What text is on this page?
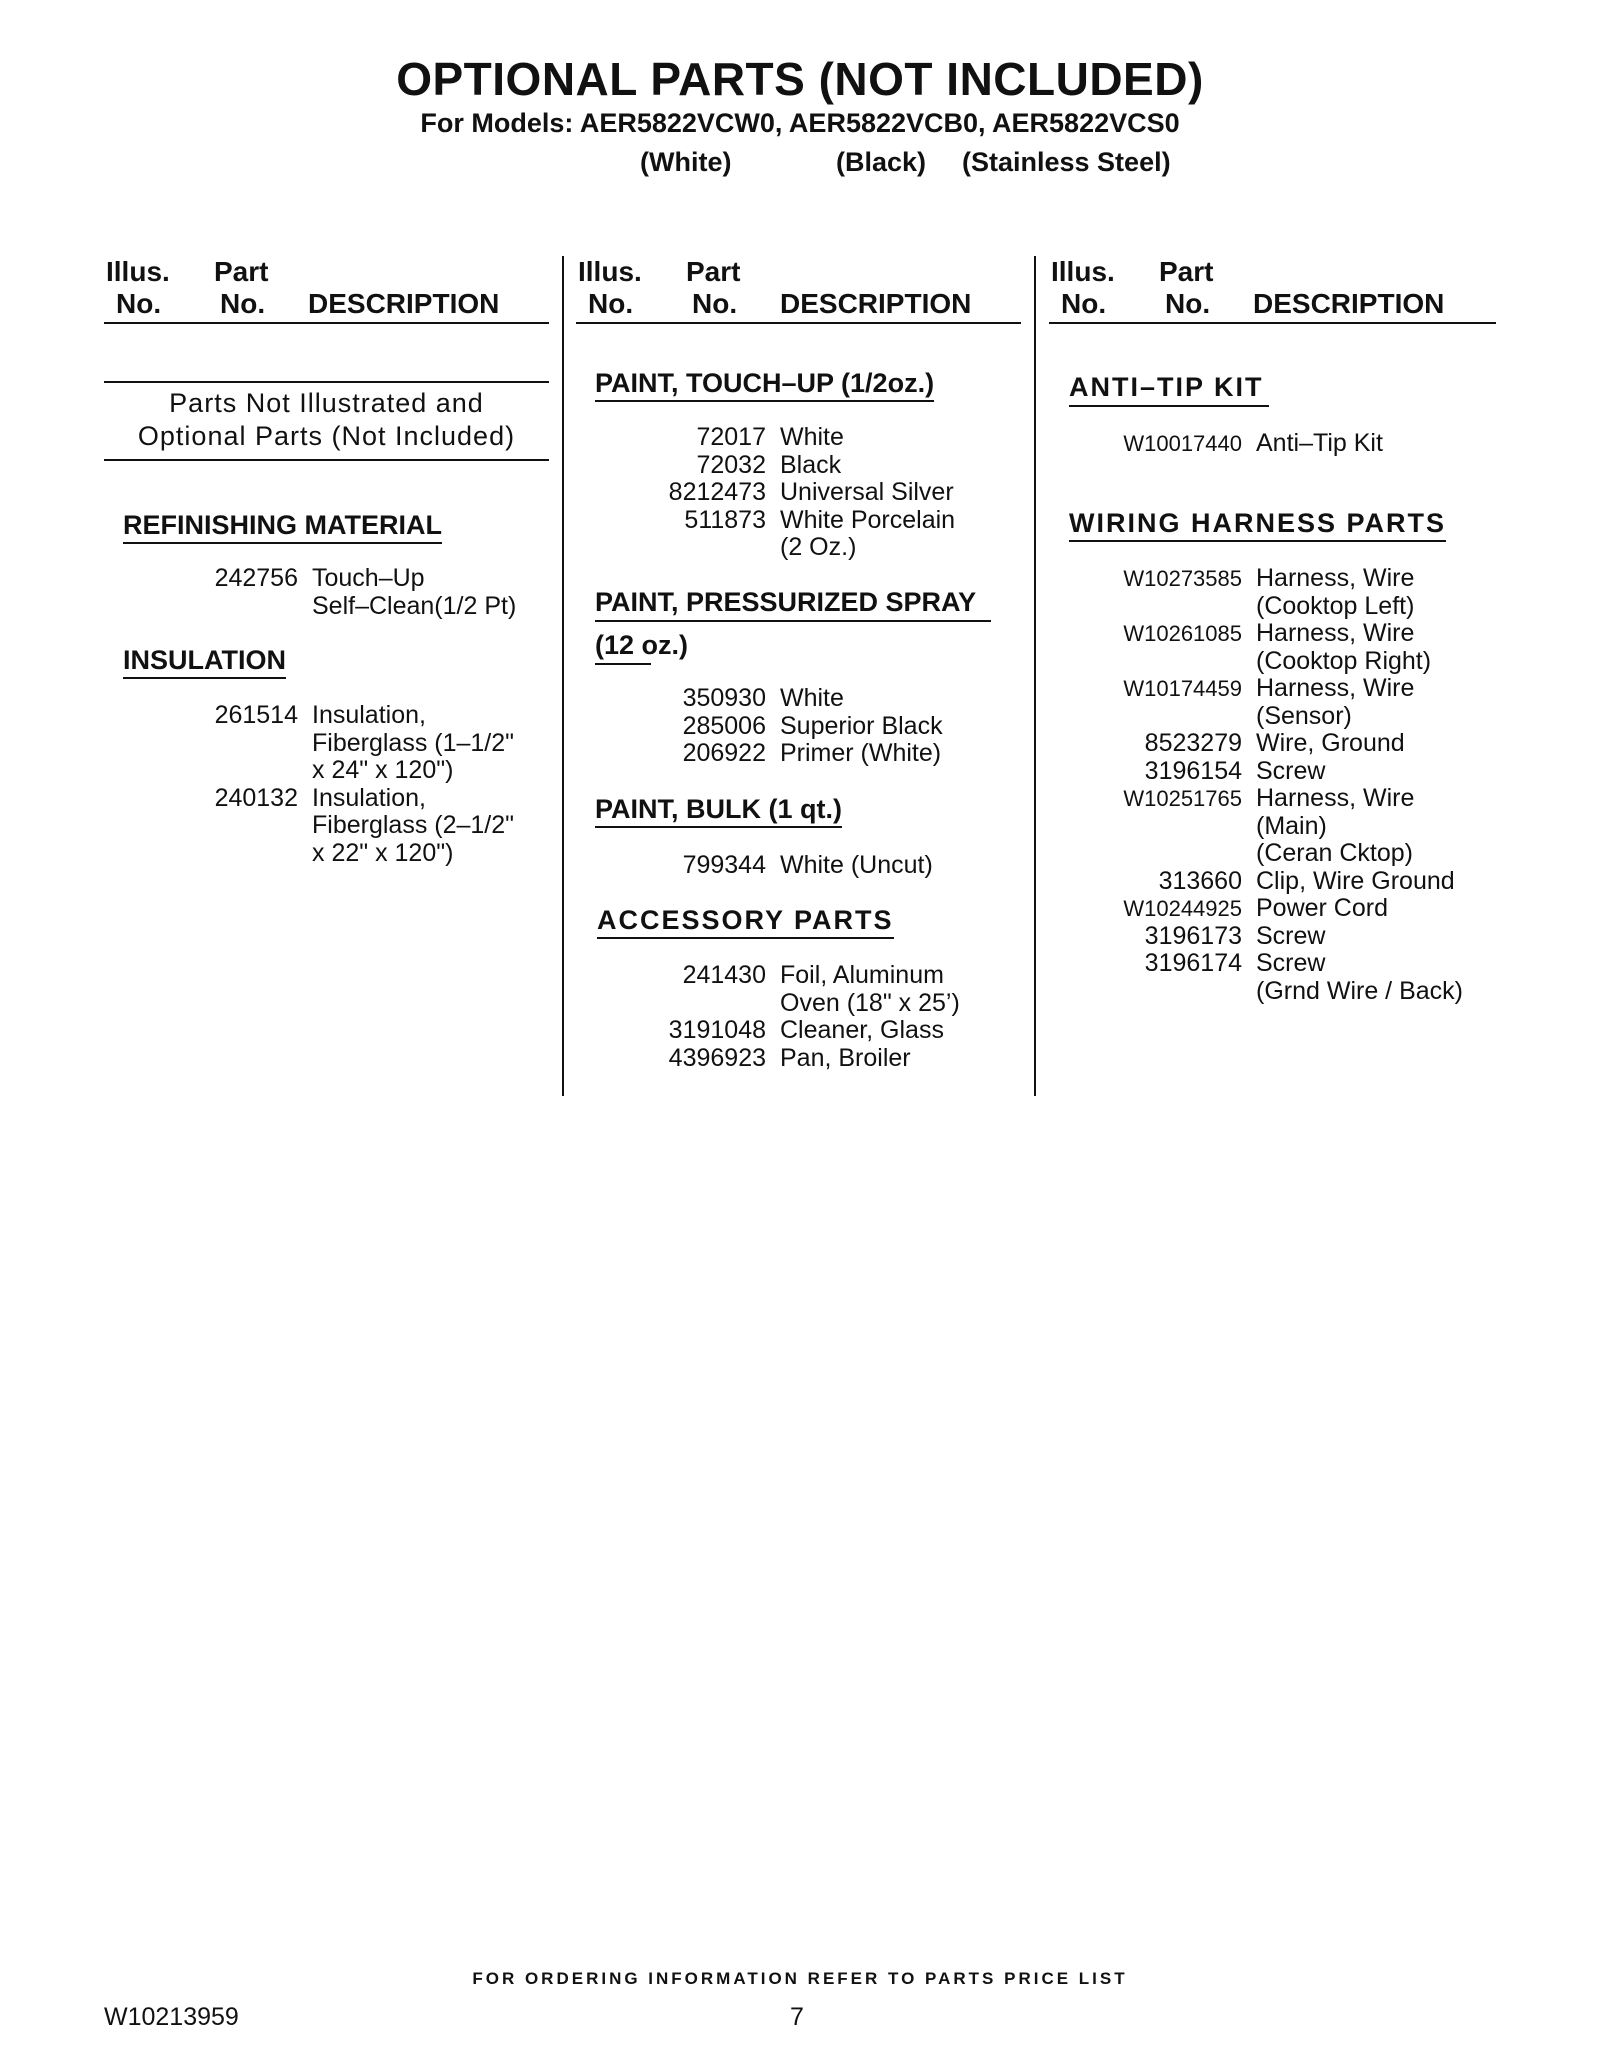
OPTIONAL PARTS (NOT INCLUDED)
For Models: AER5822VCW0, AER5822VCB0, AER5822VCS0
(White)	(Black) (Stainless Steel)
Illus.
No.
Part
No. DESCRIPTION
Illus.
No.
Part
No. DESCRIPTION
Illus.
No.
Part
No. DESCRIPTION
Parts Not Illustrated and
Optional Parts (Not Included)
REFINISHING MATERIAL
242756 Touch–Up
Self–Clean(1/2 Pt)
INSULATION
261514 Insulation,
Fiberglass (1–1/2"
x 24" x 120")
240132 Insulation,
Fiberglass (2–1/2"
x 22" x 120")
PAINT, TOUCH–UP (1/2oz.)
72017 White
72032 Black
8212473 Universal Silver
511873 White Porcelain
(2 Oz.)
PAINT, PRESSURIZED SPRAY
(12 oz.)
350930 White
285006 Superior Black
206922 Primer (White)
PAINT, BULK (1 qt.)
799344 White (Uncut)
ACCESSORY PARTS
241430 Foil, Aluminum
Oven (18" x 25’)
3191048 Cleaner, Glass
4396923 Pan, Broiler
ANTI–TIP KIT
W10017440 Anti–Tip Kit
WIRING HARNESS PARTS
W10273585 Harness, Wire
(Cooktop Left)
W10261085 Harness, Wire
(Cooktop Right)
W10174459 Harness, Wire
(Sensor)
8523279 Wire, Ground
3196154 Screw
W10251765 Harness, Wire
(Main)
(Ceran Cktop)
313660 Clip, Wire Ground
W10244925 Power Cord
3196173 Screw
3196174 Screw
(Grnd Wire / Back)
FOR ORDERING INFORMATION REFER TO PARTS PRICE LIST
W10213959	7
